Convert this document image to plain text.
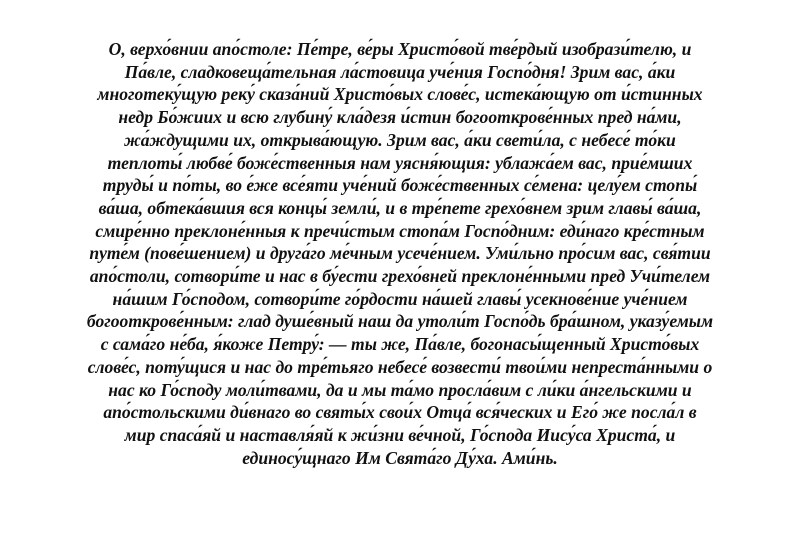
О, верхо́внии апо́столе: Пе́тре, ве́ры Христо́вой тве́рдый изобрази́телю, и
Па́вле, сладковеща́тельная ла́стовица уче́ния Госпо́дня! Зрим вас, а́ки
многотеку́щую реку́ сказа́ний Христо́вых слове́с, истека́ющую от и́стинных
недр Бо́жиих и всю глубину́ кла́дезя и́стин богооткрове́нных пред на́ми,
жа́ждущими их, открыва́ющую. Зрим вас, а́ки свети́ла, с небесе́ то́ки
теплоты́ любве́ боже́ственныя нам уясня́ющия: ублажа́ем вас, прие́мших
труды́ и по́ты, во е́же все́яти уче́ний боже́ственных се́мена: целу́ем стопы́
ва́ша, обтека́вшия вся концы́ земли́, и в тре́пете грехо́внем зрим главы́ ва́ша,
смире́нно преклоне́нныя к пречи́стым стопа́м Госпо́дним: еди́наго кре́стным
путе́м (пове́шением) и друга́го ме́чным усече́нием. Уми́льно про́сим вас, свя́тии
апо́столи, сотвори́те и нас в бу́ести грехо́вней преклоне́нными пред Учи́телем
на́шим Го́сподом, сотвори́те го́рдости на́шей главы́ усекнове́ние уче́нием
богооткрове́нным: глад душе́вный наш да утоли́т Госпо́дь бра́шном, указу́емым
с сама́го не́ба, я́коже Петру́: — ты же, Па́вле, богонасы́щенный Христо́вых
слове́с, поту́щися и нас до тре́тьяго небесе́ возвести́ твои́ми непреста́нными о
нас ко Го́споду моли́твами, да и мы та́мо просла́вим с ли́ки а́нгельскими и
апо́стольскими ди́внаго во святы́х свои́х Отца́ вся́ческих и Его́ же посла́л в
мир спаса́яй и наставля́яй к жи́зни ве́чной, Го́спода Иису́са Христа́, и
единосу́щнаго Им Свята́го Ду́ха. Ами́нь.
